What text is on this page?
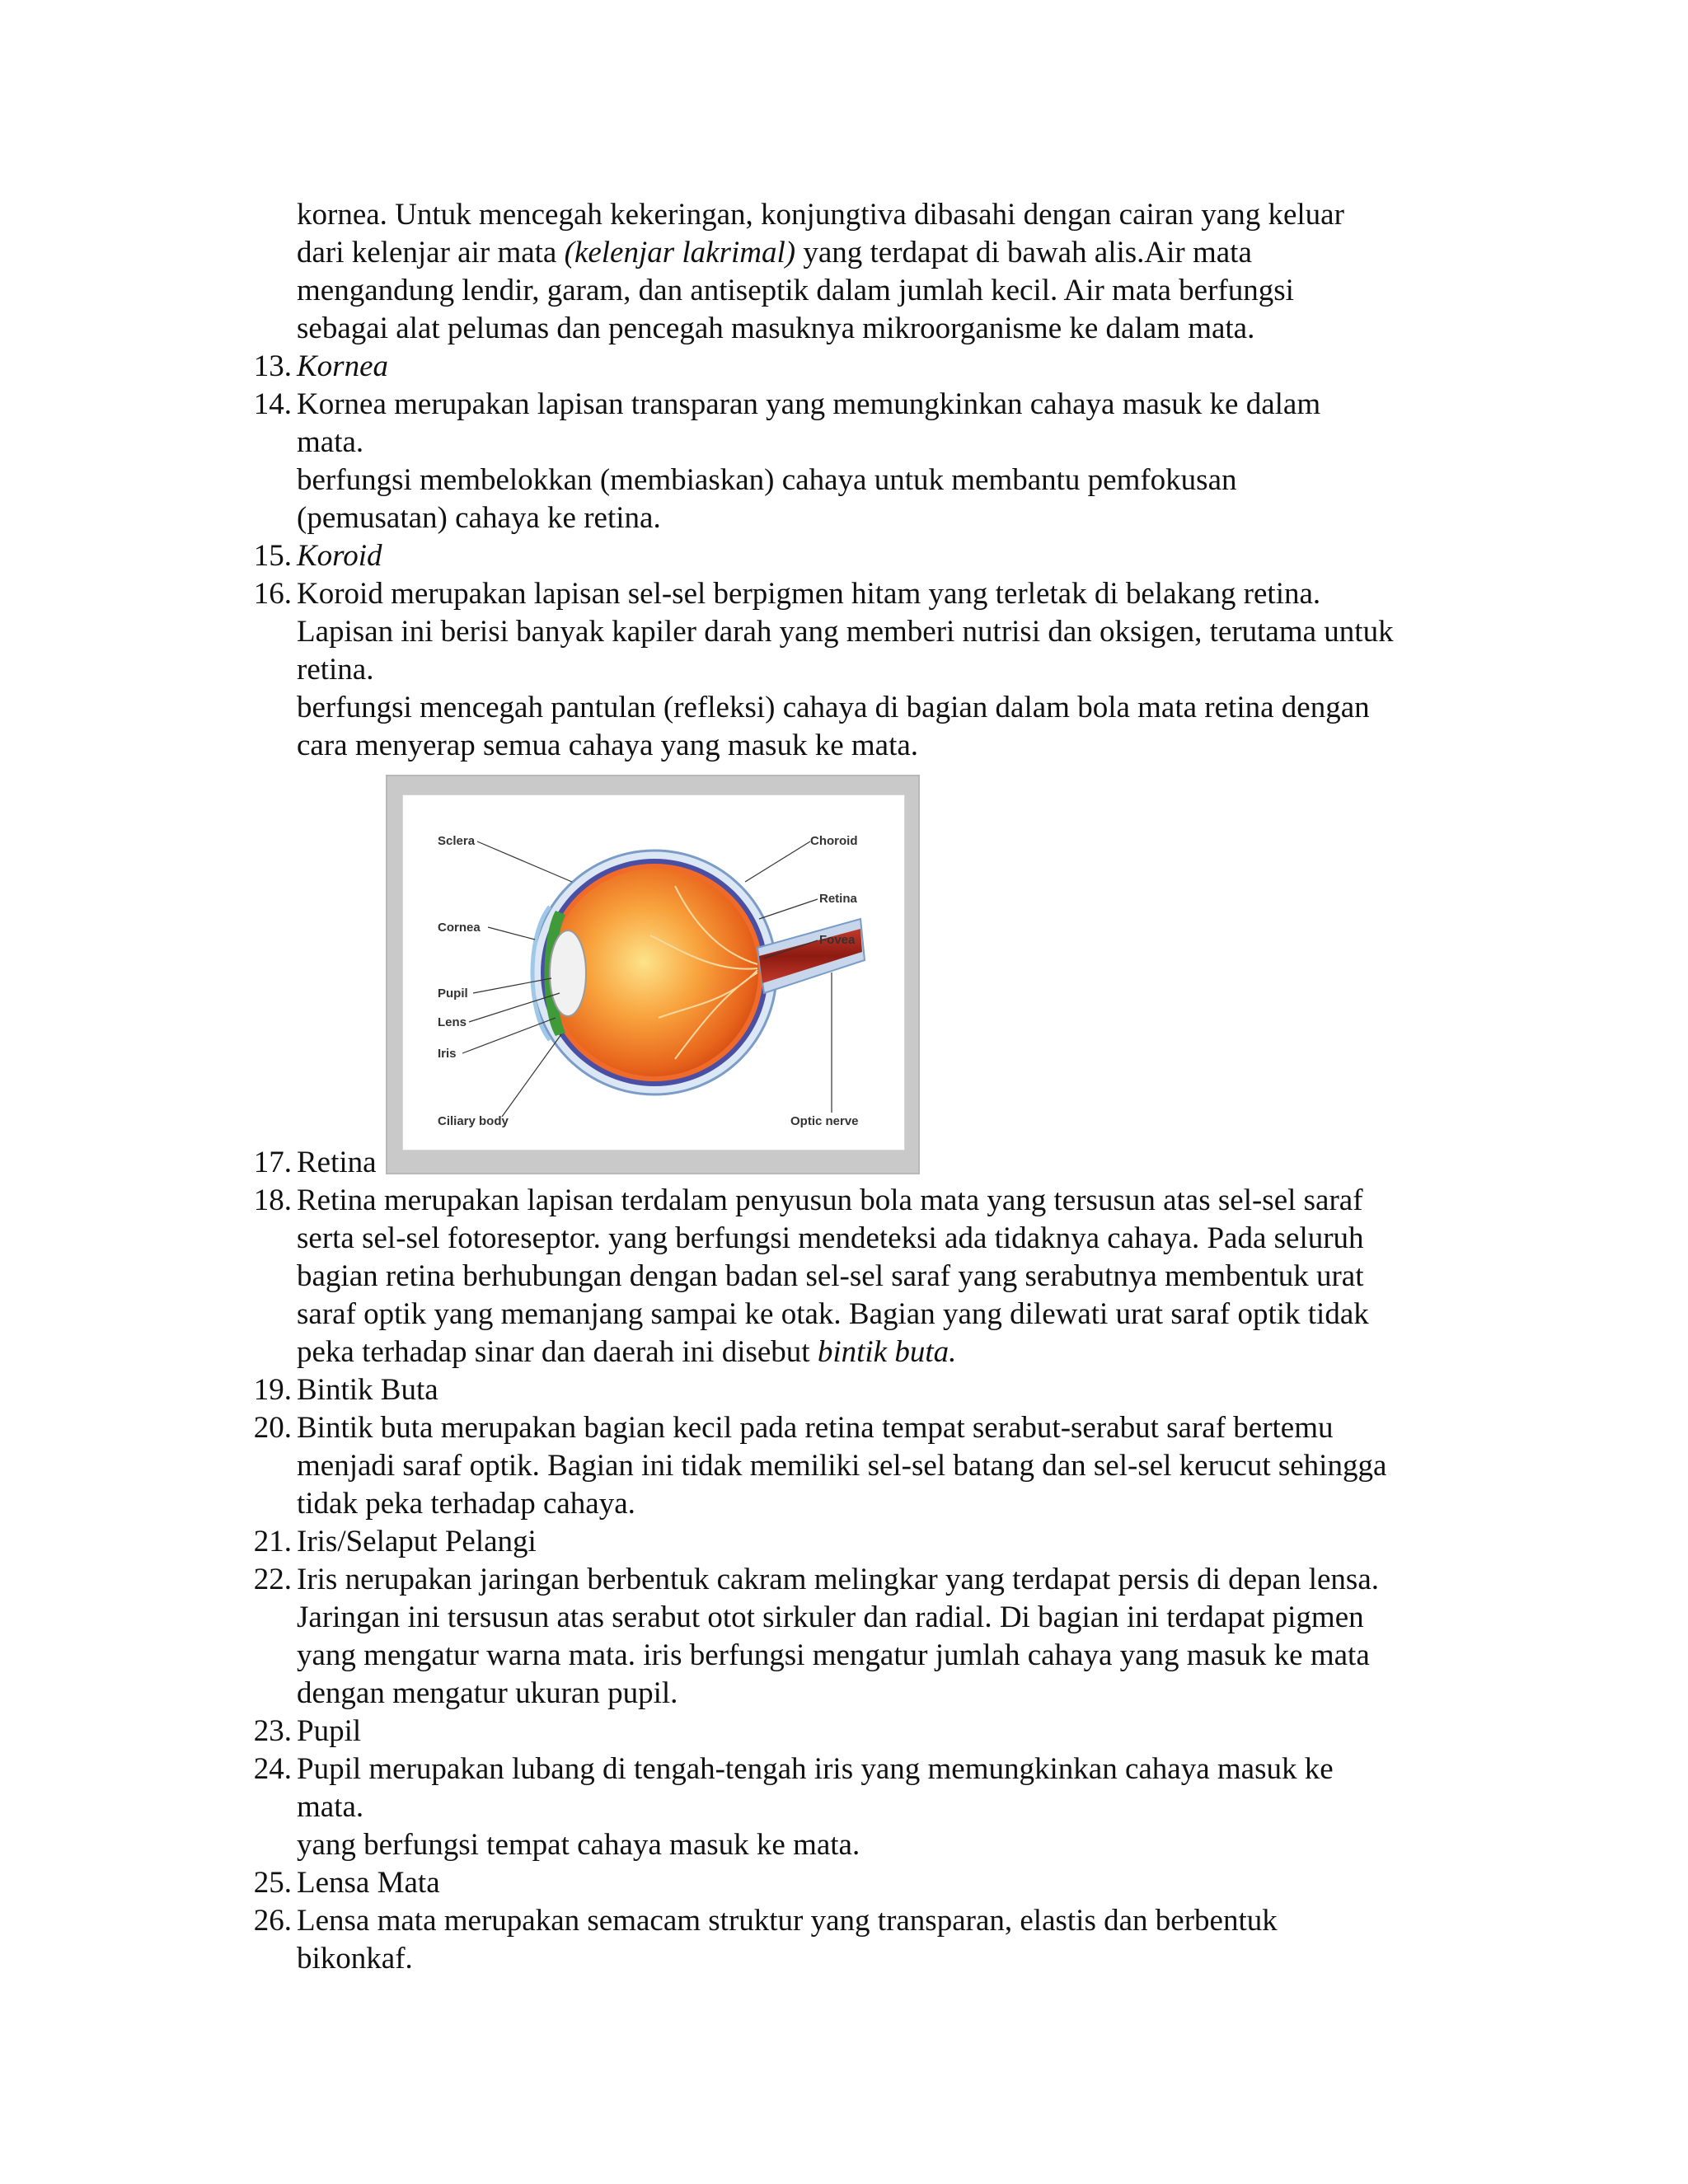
kornea. Untuk mencegah kekeringan, konjungtiva dibasahi dengan cairan yang keluar
dari kelenjar air mata (kelenjar lakrimal) yang terdapat di bawah alis.Air mata
mengandung lendir, garam, dan antiseptik dalam jumlah kecil. Air mata berfungsi
sebagai alat pelumas dan pencegah masuknya mikroorganisme ke dalam mata.
13. Kornea
14. Kornea merupakan lapisan transparan yang memungkinkan cahaya masuk ke dalam
mata.
berfungsi membelokkan (membiaskan) cahaya untuk membantu pemfokusan
(pemusatan) cahaya ke retina.
15. Koroid
16. Koroid merupakan lapisan sel-sel berpigmen hitam yang terletak di belakang retina.
Lapisan ini berisi banyak kapiler darah yang memberi nutrisi dan oksigen, terutama untuk
retina.
berfungsi mencegah pantulan (refleksi) cahaya di bagian dalam bola mata retina dengan
cara menyerap semua cahaya yang masuk ke mata.
Sclera
Cornea
Pupil
Lens
Iris
Ciliary body
Choroid
Retina
Fovea
Optic nerve
17. Retina
18. Retina merupakan lapisan terdalam penyusun bola mata yang tersusun atas sel-sel saraf
serta sel-sel fotoreseptor. yang berfungsi mendeteksi ada tidaknya cahaya. Pada seluruh
bagian retina berhubungan dengan badan sel-sel saraf yang serabutnya membentuk urat
saraf optik yang memanjang sampai ke otak. Bagian yang dilewati urat saraf optik tidak
peka terhadap sinar dan daerah ini disebut bintik buta.
19. Bintik Buta
20. Bintik buta merupakan bagian kecil pada retina tempat serabut-serabut saraf bertemu
menjadi saraf optik. Bagian ini tidak memiliki sel-sel batang dan sel-sel kerucut sehingga
tidak peka terhadap cahaya.
21. Iris/Selaput Pelangi
22. Iris nerupakan jaringan berbentuk cakram melingkar yang terdapat persis di depan lensa.
Jaringan ini tersusun atas serabut otot sirkuler dan radial. Di bagian ini terdapat pigmen
yang mengatur warna mata. iris berfungsi mengatur jumlah cahaya yang masuk ke mata
dengan mengatur ukuran pupil.
23. Pupil
24. Pupil merupakan lubang di tengah-tengah iris yang memungkinkan cahaya masuk ke
mata.
yang berfungsi tempat cahaya masuk ke mata.
25. Lensa Mata
26. Lensa mata merupakan semacam struktur yang transparan, elastis dan berbentuk
bikonkaf.
